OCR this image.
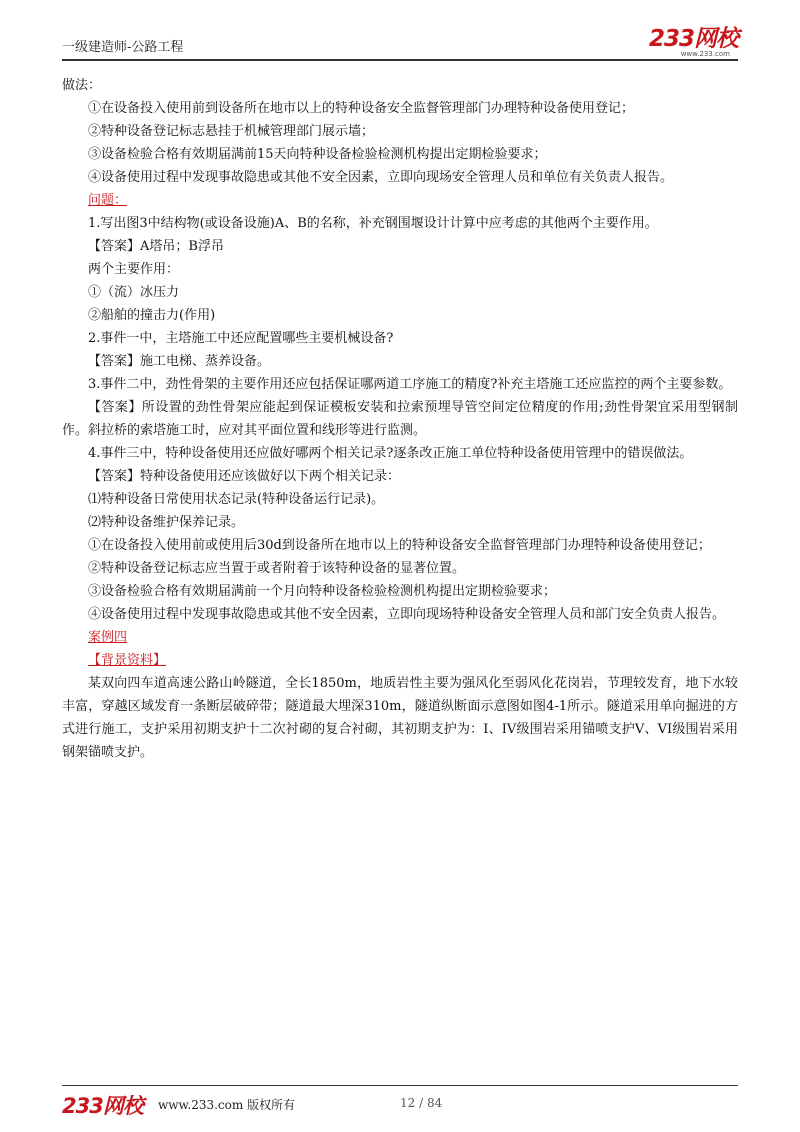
一级建造师-公路工程	233网校
www.233.com

做法：

①在设备投入使用前到设备所在地市以上的特种设备安全监督管理部门办理特种设备使用登记；

②特种设备登记标志悬挂于机械管理部门展示墙；

③设备检验合格有效期届满前15天向特种设备检验检测机构提出定期检验要求；

④设备使用过程中发现事故隐患或其他不安全因素，立即向现场安全管理人员和单位有关负责人报告。

问题：

1.写出图3中结构物(或设备设施)A、B的名称，补充钢围堰设计计算中应考虑的其他两个主要作用。

【答案】A塔吊；B浮吊

两个主要作用：

①（流）冰压力

②船舶的撞击力(作用)

2.事件一中，主塔施工中还应配置哪些主要机械设备?

【答案】施工电梯、蒸养设备。

3.事件二中，劲性骨架的主要作用还应包括保证哪两道工序施工的精度?补充主塔施工还应监控的两个主要参数。

【答案】所设置的劲性骨架应能起到保证模板安装和拉索预埋导管空间定位精度的作用;劲性骨架宜采用型钢制作。斜拉桥的索塔施工时，应对其平面位置和线形等进行监测。

4.事件三中，特种设备使用还应做好哪两个相关记录?逐条改正施工单位特种设备使用管理中的错误做法。

【答案】特种设备使用还应该做好以下两个相关记录：

⑴特种设备日常使用状态记录(特种设备运行记录)。

⑵特种设备维护保养记录。

①在设备投入使用前或使用后30d到设备所在地市以上的特种设备安全监督管理部门办理特种设备使用登记；

②特种设备登记标志应当置于或者附着于该特种设备的显著位置。

③设备检验合格有效期届满前一个月向特种设备检验检测机构提出定期检验要求；

④设备使用过程中发现事故隐患或其他不安全因素，立即向现场特种设备安全管理人员和部门安全负责人报告。

案例四

【背景资料】

某双向四车道高速公路山岭隧道，全长1850m，地质岩性主要为强风化至弱风化花岗岩，节理较发育，地下水较丰富，穿越区域发育一条断层破碎带；隧道最大埋深310m，隧道纵断面示意图如图4-1所示。隧道采用单向掘进的方式进行施工，支护采用初期支护十二次衬砌的复合衬砌，其初期支护为：I、IV级围岩采用锚喷支护V、VI级围岩采用钢架锚喷支护。

233网校 www.233.com 版权所有	12 / 84
